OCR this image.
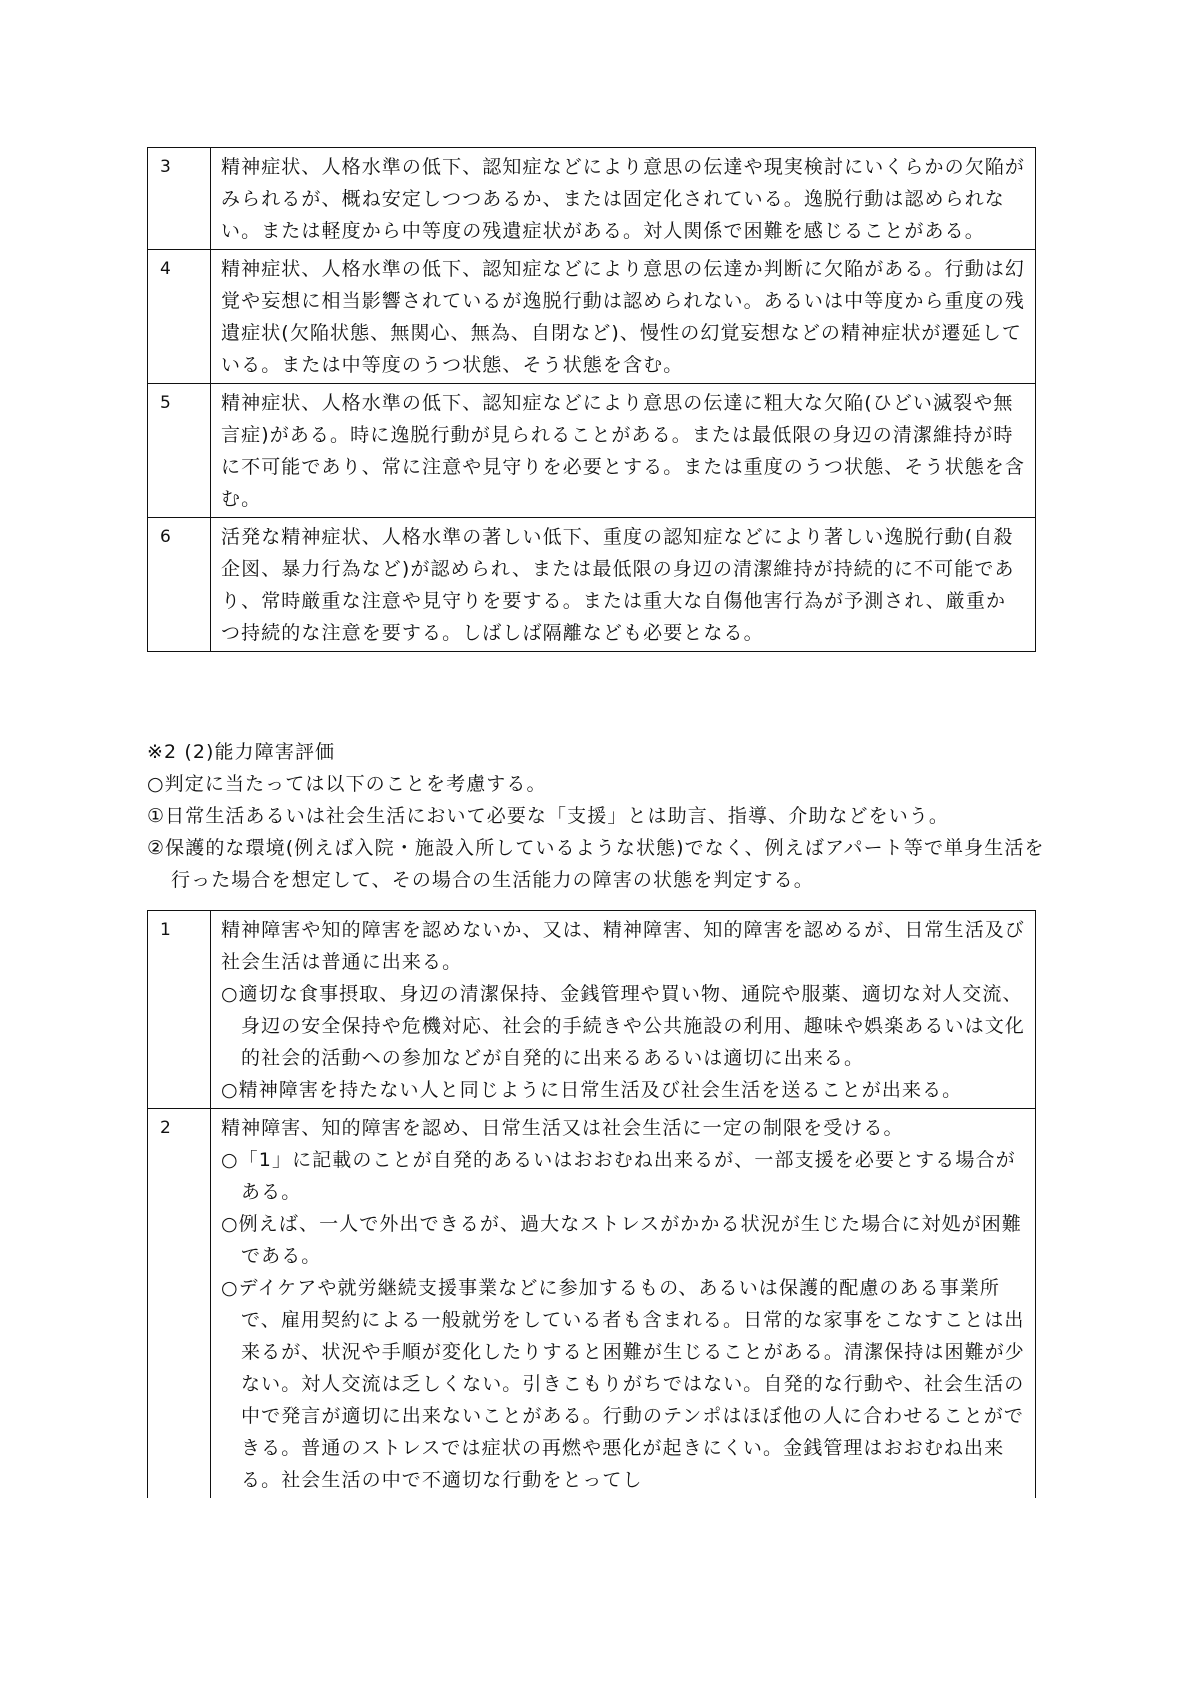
3	精神症状、人格水準の低下、認知症などにより意思の伝達や現実検討にいくらかの欠陥がみられるが、概ね安定しつつあるか、または固定化されている。逸脱行動は認められない。または軽度から中等度の残遺症状がある。対人関係で困難を感じることがある。
4	精神症状、人格水準の低下、認知症などにより意思の伝達か判断に欠陥がある。行動は幻覚や妄想に相当影響されているが逸脱行動は認められない。あるいは中等度から重度の残遺症状(欠陥状態、無関心、無為、自閉など)、慢性の幻覚妄想などの精神症状が遷延している。または中等度のうつ状態、そう状態を含む。
5	精神症状、人格水準の低下、認知症などにより意思の伝達に粗大な欠陥(ひどい滅裂や無言症)がある。時に逸脱行動が見られることがある。または最低限の身辺の清潔維持が時に不可能であり、常に注意や見守りを必要とする。または重度のうつ状態、そう状態を含む。
6	活発な精神症状、人格水準の著しい低下、重度の認知症などにより著しい逸脱行動(自殺企図、暴力行為など)が認められ、または最低限の身辺の清潔維持が持続的に不可能であり、常時厳重な注意や見守りを要する。または重大な自傷他害行為が予測され、厳重かつ持続的な注意を要する。しばしば隔離なども必要となる。
※2 (2)能力障害評価
○判定に当たっては以下のことを考慮する。
①日常生活あるいは社会生活において必要な「支援」とは助言、指導、介助などをいう。
②保護的な環境(例えば入院・施設入所しているような状態)でなく、例えばアパート等で単身生活を行った場合を想定して、その場合の生活能力の障害の状態を判定する。
1	精神障害や知的障害を認めないか、又は、精神障害、知的障害を認めるが、日常生活及び社会生活は普通に出来る。
○適切な食事摂取、身辺の清潔保持、金銭管理や買い物、通院や服薬、適切な対人交流、身辺の安全保持や危機対応、社会的手続きや公共施設の利用、趣味や娯楽あるいは文化的社会的活動への参加などが自発的に出来るあるいは適切に出来る。
○精神障害を持たない人と同じように日常生活及び社会生活を送ることが出来る。

2	精神障害、知的障害を認め、日常生活又は社会生活に一定の制限を受ける。
○「1」に記載のことが自発的あるいはおおむね出来るが、一部支援を必要とする場合がある。
○例えば、一人で外出できるが、過大なストレスがかかる状況が生じた場合に対処が困難である。
○デイケアや就労継続支援事業などに参加するもの、あるいは保護的配慮のある事業所で、雇用契約による一般就労をしている者も含まれる。日常的な家事をこなすことは出来るが、状況や手順が変化したりすると困難が生じることがある。清潔保持は困難が少ない。対人交流は乏しくない。引きこもりがちではない。自発的な行動や、社会生活の中で発言が適切に出来ないことがある。行動のテンポはほぼ他の人に合わせることができる。普通のストレスでは症状の再燃や悪化が起きにくい。金銭管理はおおむね出来る。社会生活の中で不適切な行動をとってし
